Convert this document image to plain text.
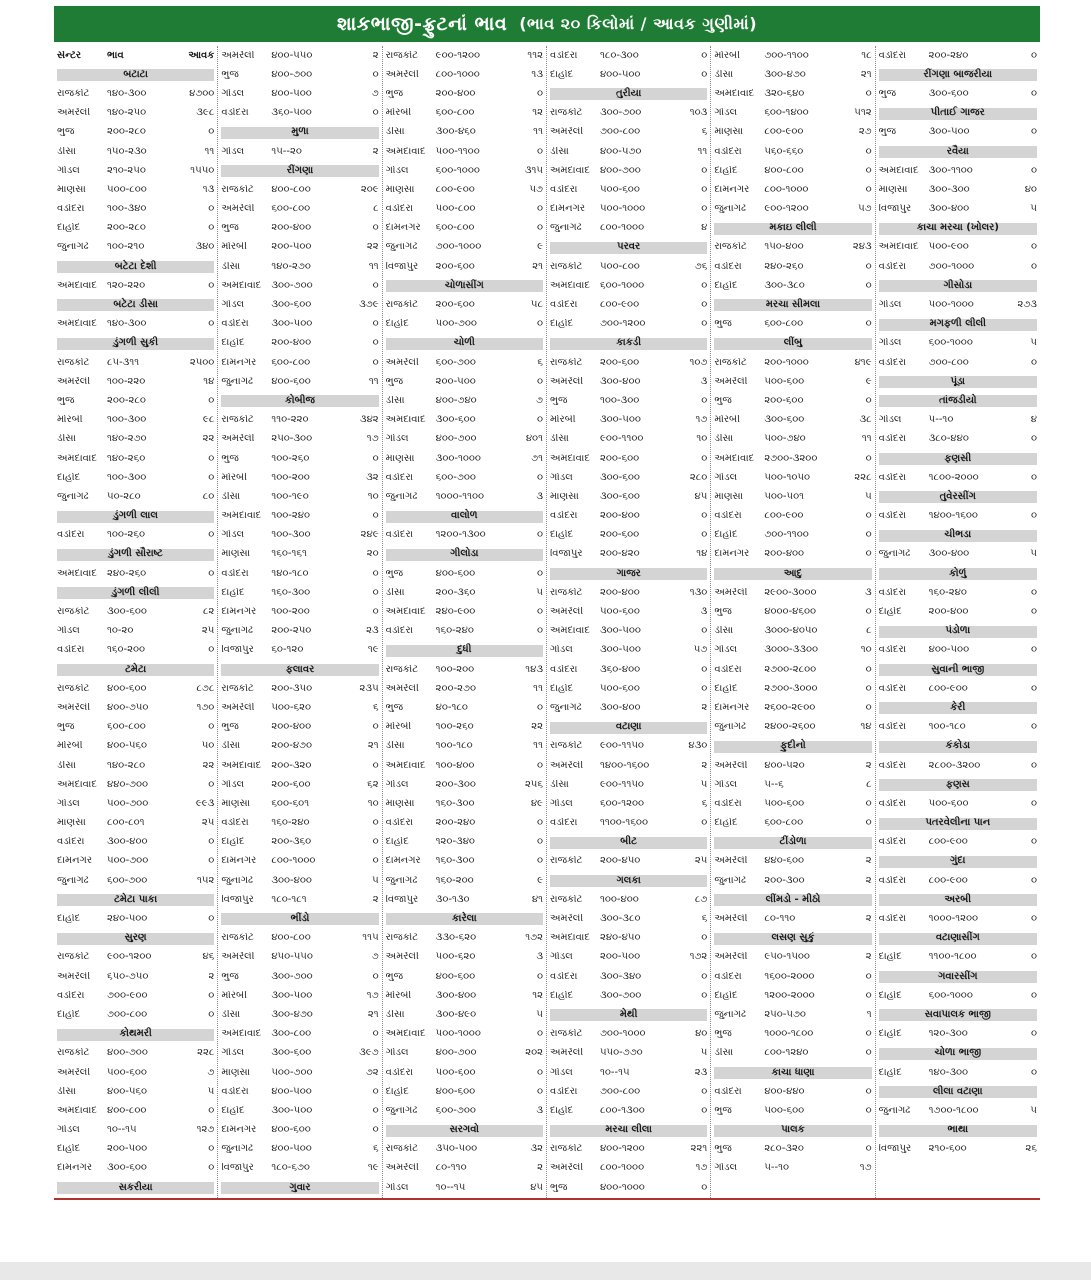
શાકભાજી-ફ્રુટનાં ભાવ (ભાવ ૨૦ કિલોમાં / આવક ગુણીમાં)
સેન્ટર	ભાવ	આવક
બટાટા
રાજકોટ	૧૪૦-૩૦૦	૪૭૦૦
અમરેલી	૧૪૦-૨૫૦	૩૯૮
ભુજ	૨૦૦-૨૮૦	૦
ડીસા	૧૫૦-૨૩૦	૧૧
ગોંડલ	૨૧૦-૨૫૦	૧૫૫૦
માણસા	૫૦૦-૮૦૦	૧૩
વડોદરા	૧૦૦-૩૪૦	૦
દાહોદ	૨૦૦-૨૮૦	૦
જુનાગઢ	૧૦૦-૨૧૦	૩૪૦
બટેટા દેશી
અમદાવાદ	૧૨૦-૨૨૦	૦
બટેટા ડીસા
અમદાવાદ	૧૪૦-૩૦૦	૦
ડુંગળી સુકી
રાજકોટ	૮૫-૩૧૧	૨૫૦૦
અમરેલી	૧૦૦-૨૨૦	૧૪
ભુજ	૨૦૦-૨૮૦	૦
મોરબી	૧૦૦-૩૦૦	૯૮
ડીસા	૧૪૦-૨૭૦	૨૨
અમદાવાદ	૧૪૦-૨૬૦	૦
દાહોદ	૧૦૦-૩૦૦	૦
જુનાગઢ	૫૦-૨૮૦	૮૦
ડુંગળી લાલ
વડોદરા	૧૦૦-૨૬૦	૦
ડુંગળી સૌરાષ્ટ
અમદાવાદ	૨૪૦-૨૬૦	૦
ડુંગળી લીલી
રાજકોટ	૩૦૦-૬૦૦	૮૨
ગોંડલ	૧૦-૨૦	૨૫
વડોદરા	૧૬૦-૨૦૦	૦
ટમેટા
રાજકોટ	૪૦૦-૬૦૦	૮૭૮
અમરેલી	૪૦૦-૭૫૦	૧૭૦
ભુજ	૬૦૦-૮૦૦	૦
મોરબી	૪૦૦-૫૬૦	૫૦
ડીસા	૧૪૦-૨૮૦	૨૨
અમદાવાદ	૪૪૦-૭૦૦	૦
ગોંડલ	૫૦૦-૭૦૦	૯૯૩
માણસા	૮૦૦-૮૦૧	૨૫
વડોદરા	૩૦૦-૪૦૦	૦
દામનગર	૫૦૦-૭૦૦	૦
જુનાગઢ	૬૦૦-૭૦૦	૧૫૨
ટમેટા પાકા
દાહોદ	૨૪૦-૫૦૦	૦
સુરણ
રાજકોટ	૯૦૦-૧૨૦૦	૪૬
અમરેલી	૬૫૦-૭૫૦	૨
વડોદરા	૭૦૦-૯૦૦	૦
દાહોદ	૭૦૦-૮૦૦	૦
કોથમરી
રાજકોટ	૪૦૦-૭૦૦	૨૨૮
અમરેલી	૫૦૦-૬૦૦	૭
ડીસા	૪૦૦-૫૬૦	૫
અમદાવાદ	૪૦૦-૮૦૦	૦
ગોંડલ	૧૦--૧૫	૧૨૭
દાહોદ	૨૦૦-૫૦૦	૦
દામનગર	૩૦૦-૬૦૦	૦
સકરીયા
અમરેલી	૪૦૦-૫૫૦	૨
ભુજ	૪૦૦-૭૦૦	૦
ગોંડલ	૪૦૦-૫૦૦	૭
વડોદરા	૩૬૦-૫૦૦	૦
મુળા
ગોંડલ	૧૫--૨૦	૨
રીંગણા
રાજકોટ	૪૦૦-૮૦૦	૨૦૯
અમરેલી	૬૦૦-૮૦૦	૮
ભુજ	૨૦૦-૪૦૦	૦
મોરબી	૨૦૦-૫૦૦	૨૨
ડીસા	૧૪૦-૨૭૦	૧૧
અમદાવાદ	૩૦૦-૭૦૦	૦
ગોંડલ	૩૦૦-૬૦૦	૩૭૯
વડોદરા	૩૦૦-૫૦૦	૦
દાહોદ	૨૦૦-૪૦૦	૦
દામનગર	૬૦૦-૮૦૦	૦
જુનાગઢ	૪૦૦-૬૦૦	૧૧
કોબીજ
રાજકોટ	૧૧૦-૨૨૦	૩૪૨
અમરેલી	૨૫૦-૩૦૦	૧૭
ભુજ	૧૦૦-૨૬૦	૦
મોરબી	૧૦૦-૨૦૦	૩૨
ડીસા	૧૦૦-૧૯૦	૧૦
અમદાવાદ	૧૦૦-૨૪૦	૦
ગોંડલ	૧૦૦-૩૦૦	૨૪૯
માણસા	૧૬૦-૧૬૧	૨૦
વડોદરા	૧૪૦-૧૮૦	૦
દાહોદ	૧૬૦-૩૦૦	૦
દામનગર	૧૦૦-૨૦૦	૦
જુનાગઢ	૨૦૦-૨૫૦	૨૩
વિજાપુર	૬૦-૧૨૦	૧૯
ફલાવર
રાજકોટ	૨૦૦-૩૫૦	૨૩૫
અમરેલી	૫૦૦-૬૨૦	૬
ભુજ	૨૦૦-૪૦૦	૦
ડીસા	૨૦૦-૪૭૦	૨૧
અમદાવાદ	૨૦૦-૩૨૦	૦
ગોંડલ	૨૦૦-૬૦૦	૬૨
માણસા	૬૦૦-૬૦૧	૧૦
વડોદરા	૧૬૦-૨૪૦	૦
દાહોદ	૨૦૦-૩૬૦	૦
દામનગર	૮૦૦-૧૦૦૦	૦
જુનાગઢ	૩૦૦-૪૦૦	૫
વિજાપુર	૧૮૦-૧૮૧	૨
ભીંડો
રાજકોટ	૪૦૦-૮૦૦	૧૧૫
અમરેલી	૪૫૦-૫૫૦	૭
ભુજ	૩૦૦-૭૦૦	૦
મોરબી	૩૦૦-૫૦૦	૧૭
ડીસા	૩૦૦-૪૭૦	૨૧
અમદાવાદ	૩૦૦-૮૦૦	૦
ગોંડલ	૩૦૦-૬૦૦	૩૯૭
માણસા	૫૦૦-૭૦૦	૭૨
વડોદરા	૪૦૦-૫૦૦	૦
દાહોદ	૩૦૦-૫૦૦	૦
દામનગર	૪૦૦-૬૦૦	૦
જુનાગઢ	૪૦૦-૫૦૦	૬
વિજાપુર	૧૮૦-૬૭૦	૧૯
ગુવાર
રાજકોટ	૯૦૦-૧૨૦૦	૧૧૨
અમરેલી	૮૦૦-૧૦૦૦	૧૩
ભુજ	૨૦૦-૪૦૦	૦
મોરબી	૬૦૦-૮૦૦	૧૨
ડીસા	૩૦૦-૪૬૦	૧૧
અમદાવાદ	૫૦૦-૧૧૦૦	૦
ગોંડલ	૬૦૦-૧૦૦૦	૩૧૫
માણસા	૮૦૦-૯૦૦	૫૭
વડોદરા	૫૦૦-૮૦૦	૦
દામનગર	૬૦૦-૮૦૦	૦
જુનાગઢ	૭૦૦-૧૦૦૦	૯
વિજાપુર	૨૦૦-૬૦૦	૨૧
ચોળાસીંગ
રાજકોટ	૨૦૦-૬૦૦	૫૮
દાહોદ	૫૦૦-૭૦૦	૦
ચોળી
અમરેલી	૬૦૦-૭૦૦	૬
ભુજ	૨૦૦-૫૦૦	૦
ડીસા	૪૦૦-૭૪૦	૭
અમદાવાદ	૩૦૦-૬૦૦	૦
ગોંડલ	૪૦૦-૭૦૦	૪૦૧
માણસા	૩૦૦-૧૦૦૦	૭૧
વડોદરા	૬૦૦-૭૦૦	૦
જુનાગઢ	૧૦૦૦-૧૧૦૦	૩
વાલોળ
વડોદરા	૧૨૦૦-૧૩૦૦	૦
ગીલોડા
ભુજ	૪૦૦-૬૦૦	૦
ડીસા	૨૦૦-૩૬૦	૫
અમદાવાદ	૨૪૦-૯૦૦	૦
વડોદરા	૧૬૦-૨૪૦	૦
દુધી
રાજકોટ	૧૦૦-૨૦૦	૧૪૩
અમરેલી	૨૦૦-૨૭૦	૧૧
ભુજ	૪૦-૧૮૦	૦
મોરબી	૧૦૦-૨૬૦	૨૨
ડીસા	૧૦૦-૧૮૦	૧૧
અમદાવાદ	૧૦૦-૪૦૦	૦
ગોંડલ	૨૦૦-૩૦૦	૨૫૬
માણસા	૧૬૦-૩૦૦	૪૯
વડોદરા	૨૦૦-૨૪૦	૦
દાહોદ	૧૨૦-૩૪૦	૦
દામનગર	૧૬૦-૩૦૦	૦
જુનાગઢ	૧૬૦-૨૦૦	૯
વિજાપુર	૩૦-૧૩૦	૪૧
કારેલા
રાજકોટ	૩૩૦-૬૨૦	૧૭૨
અમરેલી	૫૦૦-૬૨૦	૩
ભુજ	૪૦૦-૬૦૦	૦
મોરબી	૩૦૦-૪૦૦	૧૨
ડીસા	૩૦૦-૪૯૦	૫
અમદાવાદ	૫૦૦-૧૦૦૦	૦
ગોંડલ	૪૦૦-૭૦૦	૨૦૨
વડોદરા	૫૦૦-૬૦૦	૦
દાહોદ	૪૦૦-૬૦૦	૦
જુનાગઢ	૬૦૦-૭૦૦	૩
સરગવો
રાજકોટ	૩૫૦-૫૦૦	૩૨
અમરેલી	૮૦-૧૧૦	૨
ગોંડલ	૧૦--૧૫	૪૫
વડોદરા	૧૮૦-૩૦૦	૦
દાહોદ	૪૦૦-૫૦૦	૦
તુરીયા
રાજકોટ	૩૦૦-૭૦૦	૧૦૩
અમરેલી	૭૦૦-૮૦૦	૬
ડીસા	૪૦૦-૫૭૦	૧૧
અમદાવાદ	૪૦૦-૭૦૦	૦
વડોદરા	૫૦૦-૬૦૦	૦
દામનગર	૫૦૦-૧૦૦૦	૦
જુનાગઢ	૮૦૦-૧૦૦૦	૪
પરવર
રાજકોટ	૫૦૦-૮૦૦	૭૬
અમદાવાદ	૬૦૦-૧૦૦૦	૦
વડોદરા	૮૦૦-૯૦૦	૦
દાહોદ	૭૦૦-૧૨૦૦	૦
કાકડી
રાજકોટ	૨૦૦-૬૦૦	૧૦૭
અમરેલી	૩૦૦-૪૦૦	૩
ભુજ	૧૦૦-૩૦૦	૦
મોરબી	૩૦૦-૫૦૦	૧૭
ડીસા	૯૦૦-૧૧૦૦	૧૦
અમદાવાદ	૨૦૦-૬૦૦	૦
ગોંડલ	૩૦૦-૬૦૦	૨૮૦
માણસા	૩૦૦-૬૦૦	૪૫
વડોદરા	૨૦૦-૪૦૦	૦
દાહોદ	૨૦૦-૬૦૦	૦
વિજાપુર	૨૦૦-૪૨૦	૧૪
ગાજર
રાજકોટ	૨૦૦-૪૦૦	૧૩૦
અમરેલી	૫૦૦-૬૦૦	૩
અમદાવાદ	૩૦૦-૫૦૦	૦
ગોંડલ	૩૦૦-૫૦૦	૫૭
વડોદરા	૩૬૦-૪૦૦	૦
દાહોદ	૫૦૦-૬૦૦	૦
જુનાગઢ	૩૦૦-૪૦૦	૨
વટાણા
રાજકોટ	૯૦૦-૧૧૫૦	૪૩૦
અમરેલી	૧૪૦૦-૧૬૦૦	૨
ડીસા	૯૦૦-૧૧૫૦	૫
ગોંડલ	૬૦૦-૧૨૦૦	૬
વડોદરા	૧૧૦૦-૧૬૦૦	૦
બીટ
રાજકોટ	૨૦૦-૪૫૦	૨૫
ગલકા
રાજકોટ	૧૦૦-૪૦૦	૮૭
અમરેલી	૩૦૦-૩૮૦	૬
અમદાવાદ	૨૪૦-૪૫૦	૦
ગોંડલ	૨૦૦-૫૦૦	૧૭૨
વડોદરા	૩૦૦-૩૪૦	૦
દાહોદ	૩૦૦-૭૦૦	૦
મેથી
રાજકોટ	૭૦૦-૧૦૦૦	૪૦
અમરેલી	૫૫૦-૭૭૦	૫
ગોંડલ	૧૦--૧૫	૨૩
વડોદરા	૭૦૦-૮૦૦	૦
દાહોદ	૮૦૦-૧૩૦૦	૦
મરચા લીલા
રાજકોટ	૪૦૦-૧૨૦૦	૨૨૧
અમરેલી	૮૦૦-૧૦૦૦	૧૭
ભુજ	૪૦૦-૧૦૦૦	૦
મોરબી	૭૦૦-૧૧૦૦	૧૮
ડીસા	૩૦૦-૪૭૦	૨૧
અમદાવાદ	૩૨૦-૬૪૦	૦
ગોંડલ	૬૦૦-૧૪૦૦	૫૧૨
માણસા	૮૦૦-૯૦૦	૨૭
વડોદરા	૫૬૦-૬૬૦	૦
દાહોદ	૪૦૦-૮૦૦	૦
દામનગર	૮૦૦-૧૦૦૦	૦
જુનાગઢ	૯૦૦-૧૨૦૦	૫૭
મકાઇ લીલી
રાજકોટ	૧૫૦-૪૦૦	૨૪૩
વડોદરા	૨૪૦-૨૬૦	૦
દાહોદ	૩૦૦-૩૮૦	૦
મરચા સીમલા
ભુજ	૬૦૦-૮૦૦	૦
લીંબુ
રાજકોટ	૨૦૦-૧૦૦૦	૪૧૯
અમરેલી	૫૦૦-૬૦૦	૯
ભુજ	૨૦૦-૬૦૦	૦
મોરબી	૩૦૦-૬૦૦	૩૮
ડીસા	૫૦૦-૭૪૦	૧૧
અમદાવાદ	૨૭૦૦-૩૨૦૦	૦
ગોંડલ	૫૦૦-૧૦૫૦	૨૨૮
માણસા	૫૦૦-૫૦૧	૫
વડોદરા	૮૦૦-૯૦૦	૦
દાહોદ	૭૦૦-૧૧૦૦	૦
દામનગર	૨૦૦-૪૦૦	૦
આદુ
અમરેલી	૨૯૦૦-૩૦૦૦	૩
ભુજ	૪૦૦૦-૪૬૦૦	૦
ડીસા	૩૦૦૦-૪૦૫૦	૮
ગોંડલ	૩૦૦૦-૩૩૦૦	૧૦
વડોદરા	૨૭૦૦-૨૮૦૦	૦
દાહોદ	૨૭૦૦-૩૦૦૦	૦
દામનગર	૨૬૦૦-૨૯૦૦	૦
જુનાગઢ	૨૪૦૦-૨૬૦૦	૧૪
ફુદીનો
અમરેલી	૪૦૦-૫૨૦	૨
ગોંડલ	૫--૬	૮
વડોદરા	૫૦૦-૬૦૦	૦
દાહોદ	૬૦૦-૮૦૦	૦
ટીંડોળા
અમરેલી	૪૪૦-૬૦૦	૨
જુનાગઢ	૨૦૦-૩૦૦	૨
લીંમડો - મીઠો
અમરેલી	૮૦-૧૧૦	૨
લસણ સુકું
અમરેલી	૯૫૦-૧૫૦૦	૨
વડોદરા	૧૬૦૦-૨૦૦૦	૦
દાહોદ	૧૨૦૦-૨૦૦૦	૦
જુનાગઢ	૨૫૦-૫૭૦	૧
ભુજ	૧૦૦૦-૧૮૦૦	૦
ડીસા	૮૦૦-૧૨૪૦	૦
કાચા ધાણા
વડોદરા	૪૦૦-૪૪૦	૦
ભુજ	૫૦૦-૬૦૦	૦
પાલક
ભુજ	૨૮૦-૩૨૦	૦
ગોંડલ	૫--૧૦	૧૭
વડોદરા	૨૦૦-૨૪૦	૦
રીંગણા બાજરીયા
ભુજ	૩૦૦-૬૦૦	૦
પીતાઈ ગાજર
ભુજ	૩૦૦-૫૦૦	૦
રવૈયા
અમદાવાદ	૩૦૦-૧૧૦૦	૦
માણસા	૩૦૦-૩૦૦	૪૦
વિજાપુર	૩૦૦-૪૦૦	૫
કાચા મરચા (ખોલર)
અમદાવાદ	૫૦૦-૯૦૦	૦
વડોદરા	૭૦૦-૧૦૦૦	૦
ગીસોડા
ગોંડલ	૫૦૦-૧૦૦૦	૨૭૩
મગફળી લીલી
ગોંડલ	૬૦૦-૧૦૦૦	૫
વડોદરા	૭૦૦-૮૦૦	૦
પૂંડા
તાંજડીયો
ગોંડલ	૫--૧૦	૪
વડોદરા	૩૮૦-૪૪૦	૦
ફણસી
વડોદરા	૧૮૦૦-૨૦૦૦	૦
તુવેરસીંગ
વડોદરા	૧૪૦૦-૧૬૦૦	૦
ચીભડા
જુનાગઢ	૩૦૦-૪૦૦	૫
કોળું
વડોદરા	૧૬૦-૨૪૦	૦
દાહોદ	૨૦૦-૪૦૦	૦
પંડોળા
વડોદરા	૪૦૦-૫૦૦	૦
સુવાની ભાજી
વડોદરા	૮૦૦-૯૦૦	૦
કેરી
વડોદરા	૧૦૦-૧૮૦	૦
કંકોડા
વડોદરા	૨૮૦૦-૩૨૦૦	૦
ફણસ
વડોદરા	૫૦૦-૬૦૦	૦
પતરવેલીના પાન
વડોદરા	૮૦૦-૯૦૦	૦
ગુંદા
વડોદરા	૮૦૦-૯૦૦	૦
અરબી
વડોદરા	૧૦૦૦-૧૨૦૦	૦
વટાણાસીંગ
દાહોદ	૧૧૦૦-૧૮૦૦	૦
ગવારસીંગ
દાહોદ	૬૦૦-૧૦૦૦	૦
સવાપાલક ભાજી
દાહોદ	૧૨૦-૩૦૦	૦
ચોળા ભાજી
દાહોદ	૧૪૦-૩૦૦	૦
લીલા વટાણા
જુનાગઢ	૧૭૦૦-૧૮૦૦	૫
ભાથા
વિજાપુર	૨૧૦-૬૦૦	૨૬
